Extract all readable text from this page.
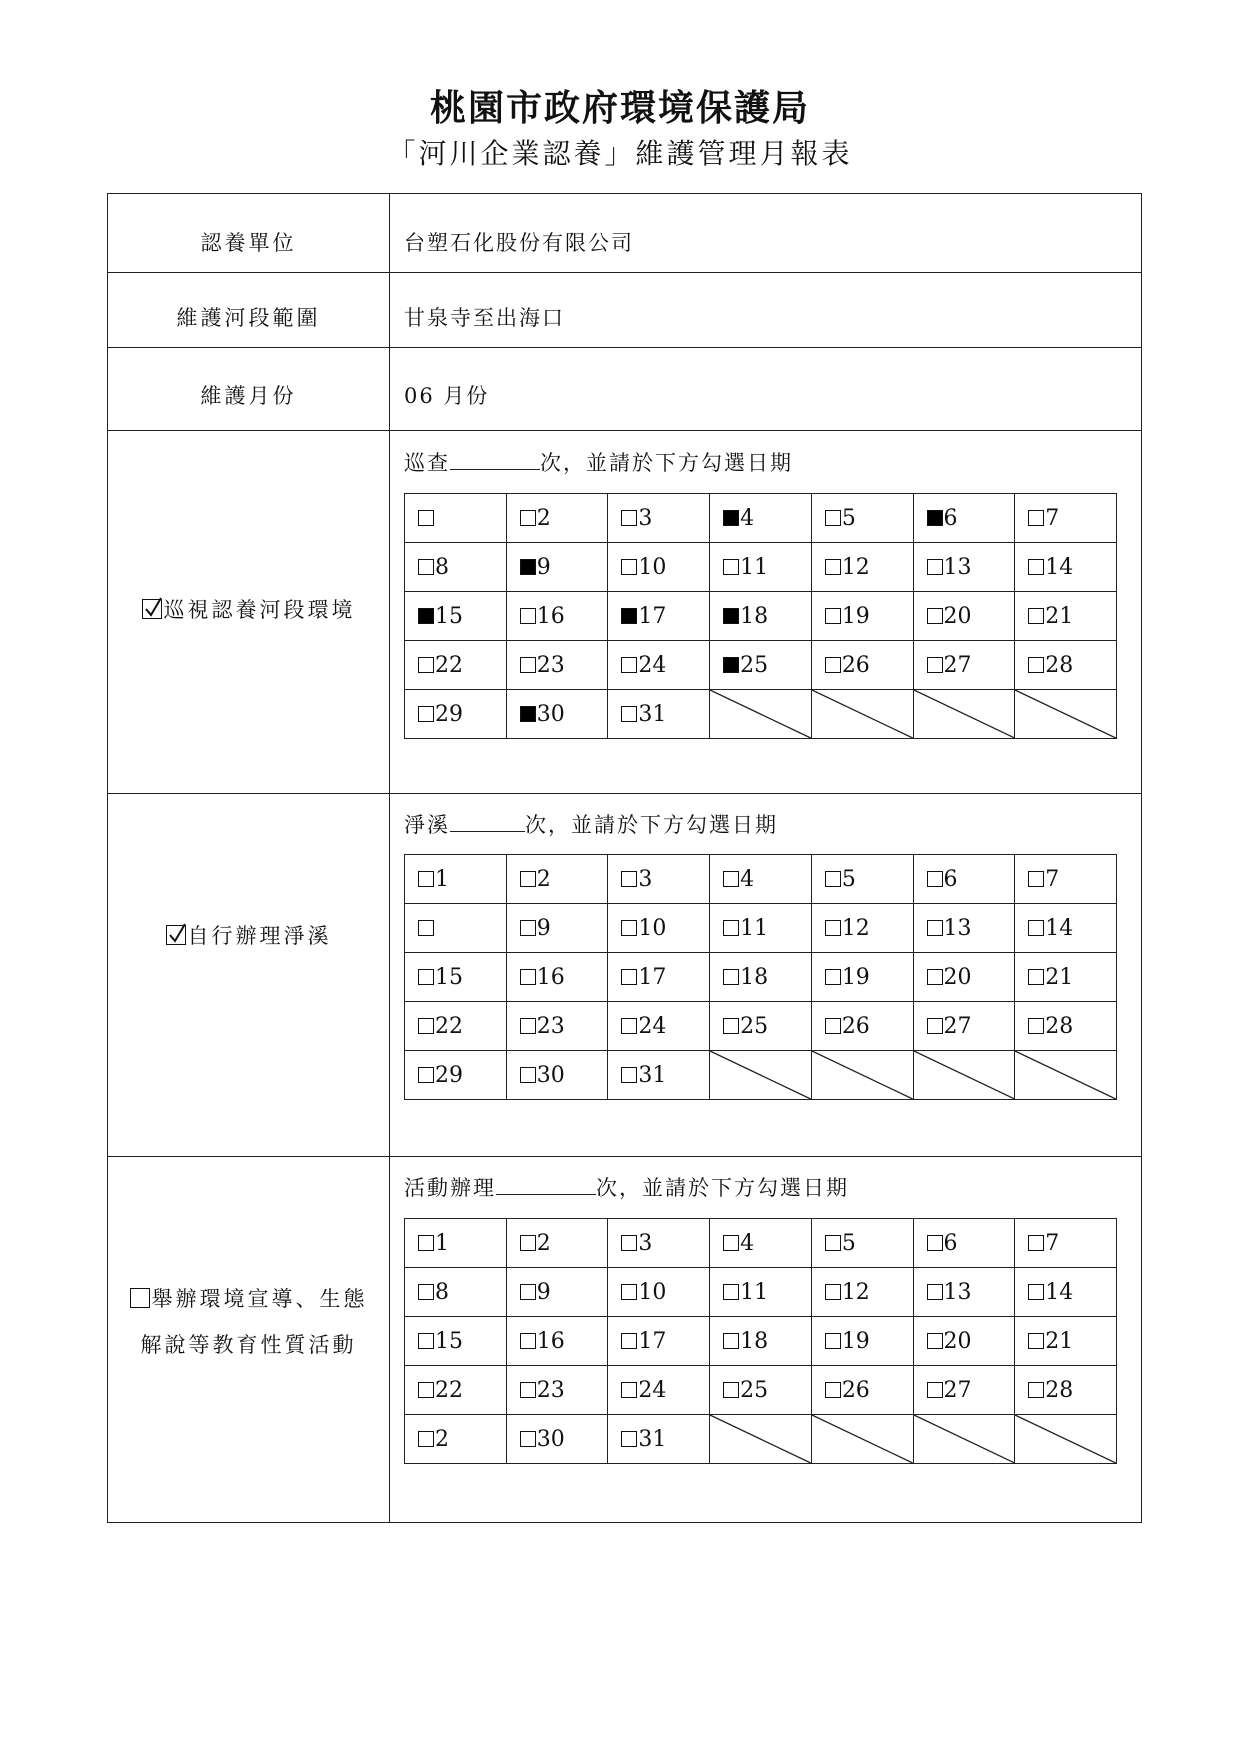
桃園市政府環境保護局
「河川企業認養」維護管理月報表
認養單位	台塑石化股份有限公司
維護河段範圍	甘泉寺至出海口
維護月份	06 月份
巡視認養河段環境
巡查	次，並請於下方勾選日期
	2	3	4	5	6	7
8	9	10	11	12	13	14
15	16	17	18	19	20	21
22	23	24	25	26	27	28
29	30	31	

自行辦理淨溪
淨溪	次，並請於下方勾選日期
1	2	3	4	5	6	7
	9	10	11	12	13	14
15	16	17	18	19	20	21
22	23	24	25	26	27	28
29	30	31	

舉辦環境宣導、生態
解說等教育性質活動
活動辦理	次，並請於下方勾選日期
1	2	3	4	5	6	7
8	9	10	11	12	13	14
15	16	17	18	19	20	21
22	23	24	25	26	27	28
2	30	31	
